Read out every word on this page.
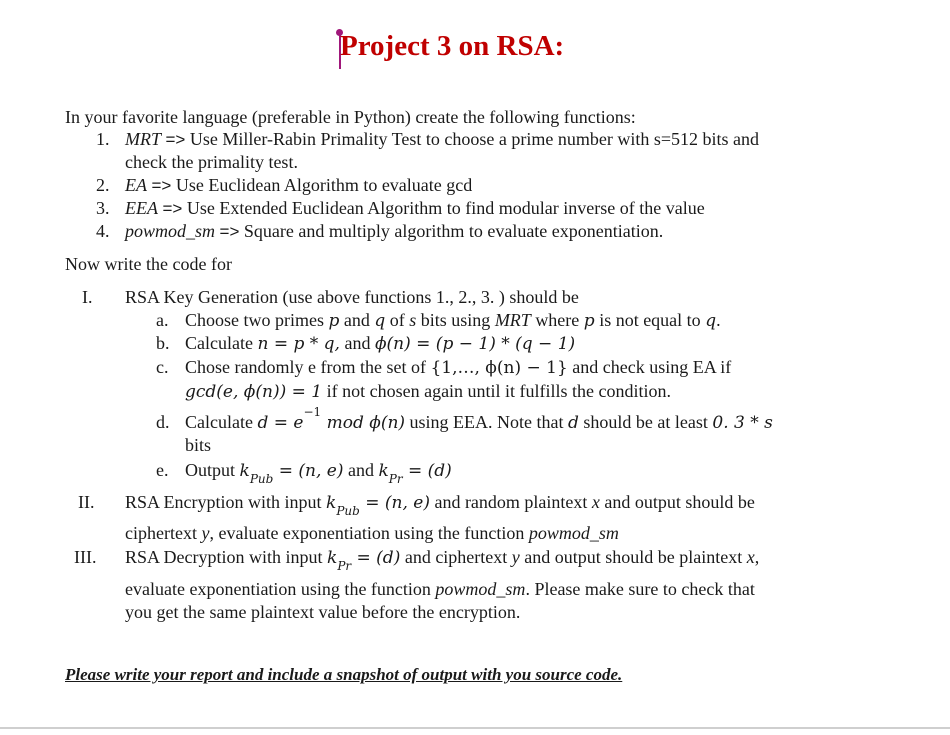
Project 3 on RSA:
In your favorite language (preferable in Python) create the following functions:
1. MRT => Use Miller-Rabin Primality Test to choose a prime number with s=512 bits and
check the primality test.
2. EA => Use Euclidean Algorithm to evaluate gcd
3. EEA => Use Extended Euclidean Algorithm to find modular inverse of the value
4. powmod_sm => Square and multiply algorithm to evaluate exponentiation.
Now write the code for
I. RSA Key Generation (use above functions 1., 2., 3. ) should be
a. Choose two primes p and q of s bits using MRT where p is not equal to q.
b. Calculate n = p * q, and ϕ(n) = (p − 1) * (q − 1)
c. Chose randomly e from the set of {1,…, ϕ(n) − 1} and check using EA if
gcd(e, ϕ(n)) = 1 if not chosen again until it fulfills the condition.
d. Calculate $d = e^{-1}$ mod ϕ(n) using EEA. Note that d should be at least 0. 3 * s
bits
e. Output $k_{Pub} = (n$, e) and $k_{Pr} = (d)$
II. RSA Encryption with input $k_{Pub} = (n$, e) and random plaintext x and output should be
ciphertext y, evaluate exponentiation using the function powmod_sm
III. RSA Decryption with input $k_{Pr} = (d)$ and ciphertext y and output should be plaintext x,
evaluate exponentiation using the function powmod_sm. Please make sure to check that
you get the same plaintext value before the encryption.
Please write your report and include a snapshot of output with you source code.
